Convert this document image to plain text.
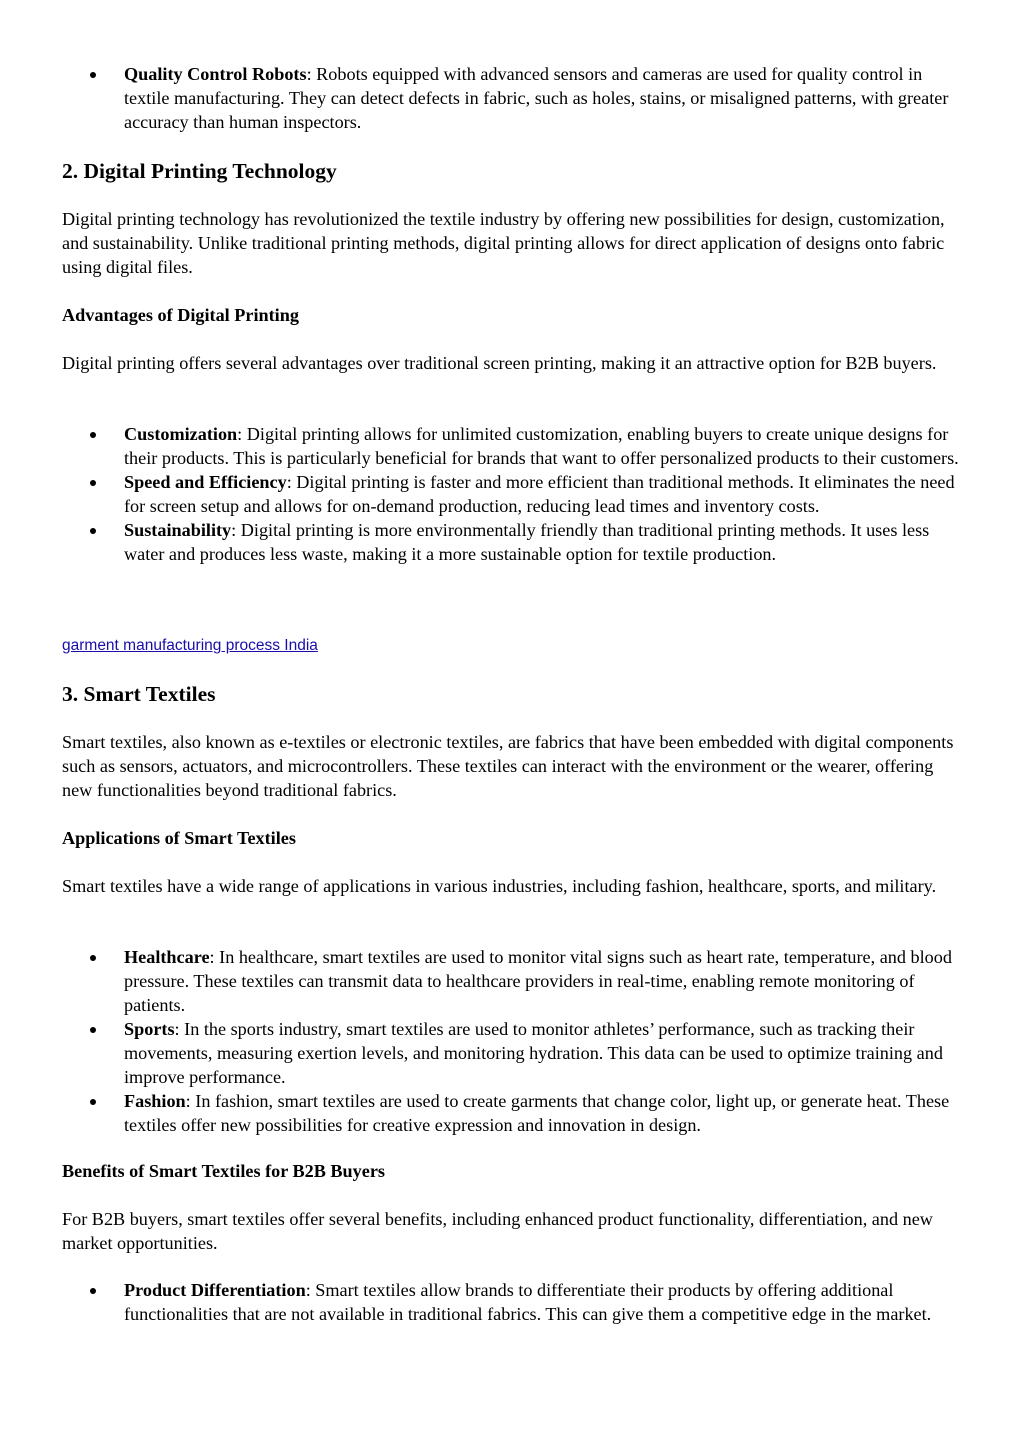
Quality Control Robots: Robots equipped with advanced sensors and cameras are used for quality control in textile manufacturing. They can detect defects in fabric, such as holes, stains, or misaligned patterns, with greater accuracy than human inspectors.
2. Digital Printing Technology
Digital printing technology has revolutionized the textile industry by offering new possibilities for design, customization, and sustainability. Unlike traditional printing methods, digital printing allows for direct application of designs onto fabric using digital files.
Advantages of Digital Printing
Digital printing offers several advantages over traditional screen printing, making it an attractive option for B2B buyers.
Customization: Digital printing allows for unlimited customization, enabling buyers to create unique designs for their products. This is particularly beneficial for brands that want to offer personalized products to their customers.
Speed and Efficiency: Digital printing is faster and more efficient than traditional methods. It eliminates the need for screen setup and allows for on-demand production, reducing lead times and inventory costs.
Sustainability: Digital printing is more environmentally friendly than traditional printing methods. It uses less water and produces less waste, making it a more sustainable option for textile production.
garment manufacturing process India
3. Smart Textiles
Smart textiles, also known as e-textiles or electronic textiles, are fabrics that have been embedded with digital components such as sensors, actuators, and microcontrollers. These textiles can interact with the environment or the wearer, offering new functionalities beyond traditional fabrics.
Applications of Smart Textiles
Smart textiles have a wide range of applications in various industries, including fashion, healthcare, sports, and military.
Healthcare: In healthcare, smart textiles are used to monitor vital signs such as heart rate, temperature, and blood pressure. These textiles can transmit data to healthcare providers in real-time, enabling remote monitoring of patients.
Sports: In the sports industry, smart textiles are used to monitor athletes’ performance, such as tracking their movements, measuring exertion levels, and monitoring hydration. This data can be used to optimize training and improve performance.
Fashion: In fashion, smart textiles are used to create garments that change color, light up, or generate heat. These textiles offer new possibilities for creative expression and innovation in design.
Benefits of Smart Textiles for B2B Buyers
For B2B buyers, smart textiles offer several benefits, including enhanced product functionality, differentiation, and new market opportunities.
Product Differentiation: Smart textiles allow brands to differentiate their products by offering additional functionalities that are not available in traditional fabrics. This can give them a competitive edge in the market.
